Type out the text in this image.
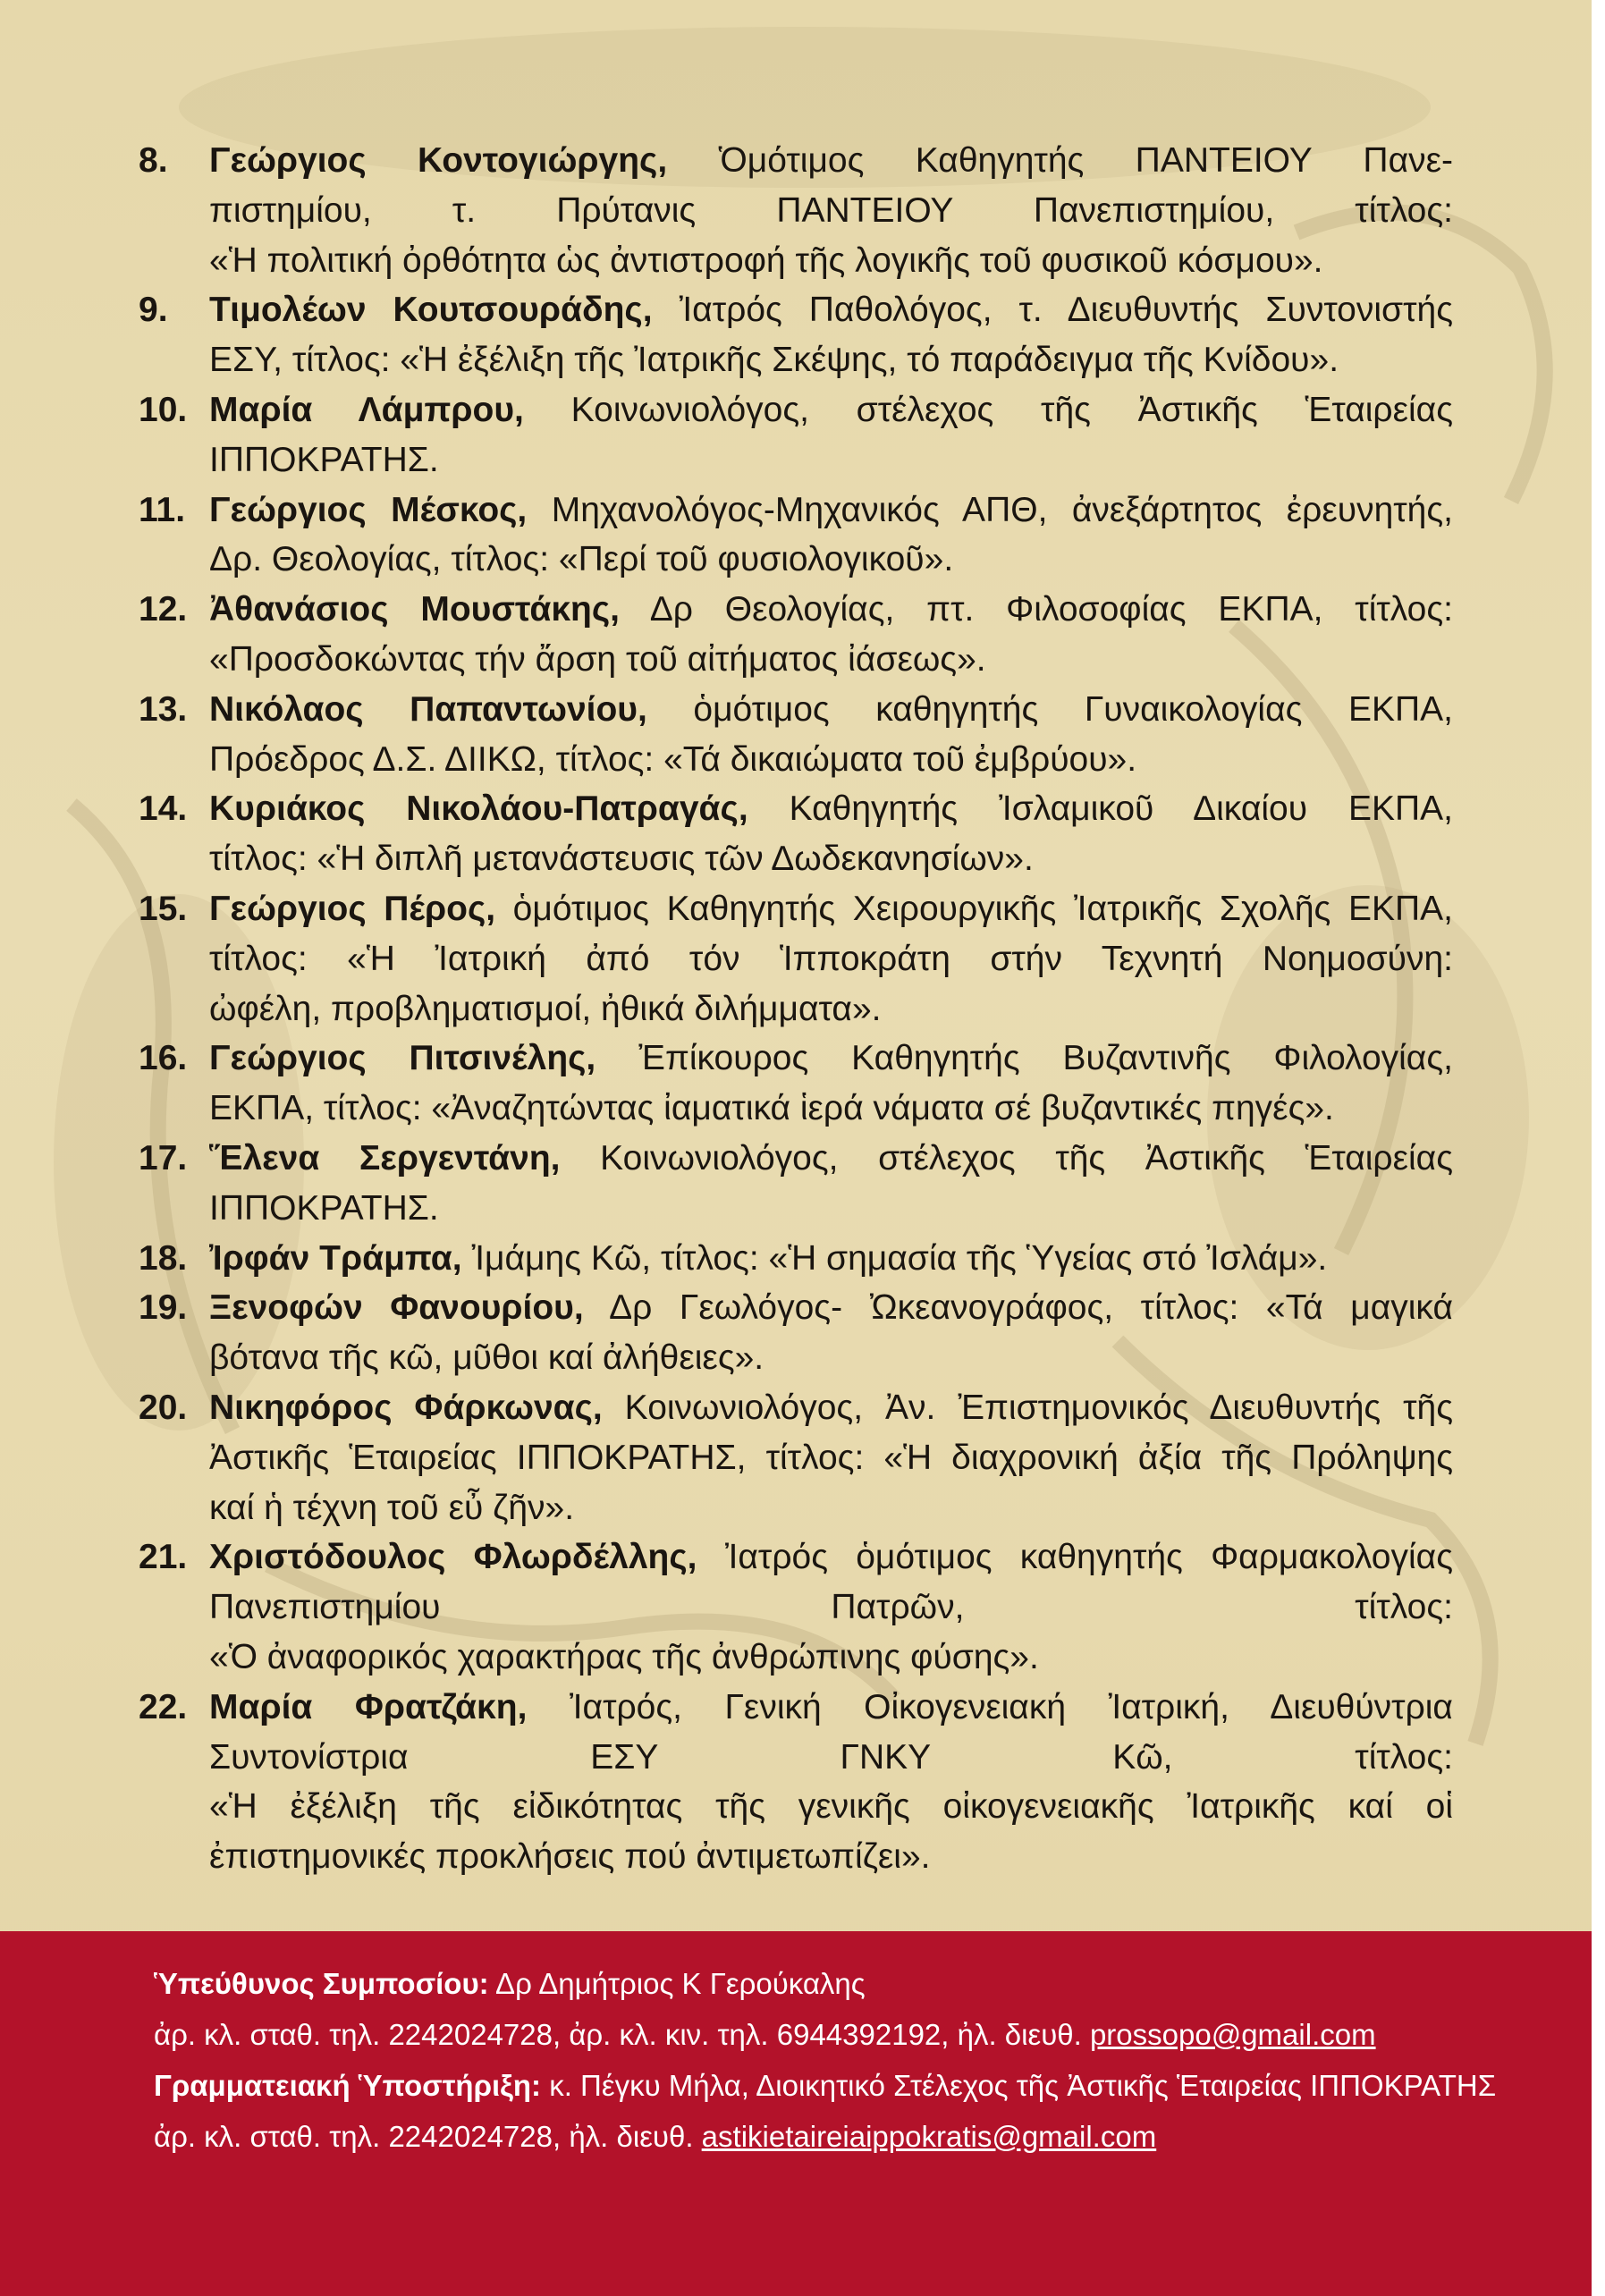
8.	Γεώργιος Κοντογιώργης, Ὁμότιμος Καθηγητής ΠΑΝΤΕΙΟΥ Πανε-
πιστημίου, τ. Πρύτανις ΠΑΝΤΕΙΟΥ Πανεπιστημίου, τίτλος:
«Ἡ πολιτική ὀρθότητα ὡς ἀντιστροφή τῆς λογικῆς τοῦ φυσικοῦ κόσμου».
9.	Τιμολέων Κουτσουράδης, Ἰατρός Παθολόγος, τ. Διευθυντής Συντονιστής
ΕΣΥ, τίτλος: «Ἡ ἐξέλιξη τῆς Ἰατρικῆς Σκέψης, τό παράδειγμα τῆς Κνίδου».
10. Μαρία Λάμπρου, Κοινωνιολόγος, στέλεχος τῆς Ἀστικῆς Ἑταιρείας
ΙΠΠΟΚΡΑΤΗΣ.
11. Γεώργιος Μέσκος, Μηχανολόγος-Μηχανικός ΑΠΘ, ἀνεξάρτητος ἐρευνητής,
Δρ. Θεολογίας, τίτλος: «Περί τοῦ φυσιολογικοῦ».
12. Ἀθανάσιος Μουστάκης, Δρ Θεολογίας, πτ. Φιλοσοφίας ΕΚΠΑ, τίτλος:
«Προσδοκώντας τήν ἄρση τοῦ αἰτήματος ἰάσεως».
13. Νικόλαος Παπαντωνίου, ὁμότιμος καθηγητής Γυναικολογίας ΕΚΠΑ,
Πρόεδρος Δ.Σ. ΔΙΙΚΩ, τίτλος: «Τά δικαιώματα τοῦ ἐμβρύου».
14. Κυριάκος Νικολάου-Πατραγάς, Καθηγητής Ἰσλαμικοῦ Δικαίου ΕΚΠΑ,
τίτλος: «Ἡ διπλῆ μετανάστευσις τῶν Δωδεκανησίων».
15. Γεώργιος Πέρος, ὁμότιμος Καθηγητής Χειρουργικῆς Ἰατρικῆς Σχολῆς ΕΚΠΑ,
τίτλος: «Ἡ Ἰατρική ἀπό τόν Ἱπποκράτη στήν Τεχνητή Νοημοσύνη:
ὠφέλη, προβληματισμοί, ἠθικά διλήμματα».
16. Γεώργιος Πιτσινέλης, Ἐπίκουρος Καθηγητής Βυζαντινῆς Φιλολογίας,
ΕΚΠΑ, τίτλος: «Ἀναζητώντας ἰαματικά ἱερά νάματα σέ βυζαντικές πηγές».
17. Ἕλενα Σεργεντάνη, Κοινωνιολόγος, στέλεχος τῆς Ἀστικῆς Ἑταιρείας
ΙΠΠΟΚΡΑΤΗΣ.
18. Ἰρφάν Τράμπα, Ἰμάμης Κῶ, τίτλος: «Ἡ σημασία τῆς Ὑγείας στό Ἰσλάμ».
19. Ξενοφών Φανουρίου, Δρ Γεωλόγος- Ὠκεανογράφος, τίτλος: «Τά μαγικά
βότανα τῆς κῶ, μῦθοι καί ἀλήθειες».
20. Νικηφόρος Φάρκωνας, Κοινωνιολόγος, Ἀν. Ἐπιστημονικός Διευθυντής τῆς
Ἀστικῆς Ἑταιρείας ΙΠΠΟΚΡΑΤΗΣ, τίτλος: «Ἡ διαχρονική ἀξία τῆς Πρόληψης
καί ἡ τέχνη τοῦ εὖ ζῆν».
21. Χριστόδουλος Φλωρδέλλης, Ἰατρός ὁμότιμος καθηγητής Φαρμακολογίας
Πανεπιστημίου Πατρῶν, τίτλος:
«Ὁ ἀναφορικός χαρακτήρας τῆς ἀνθρώπινης φύσης».
22. Μαρία Φρατζάκη, Ἰατρός, Γενική Οἰκογενειακή Ἰατρική, Διευθύντρια
Συντονίστρια ΕΣΥ ΓΝΚΥ Κῶ, τίτλος:
«Ἡ ἐξέλιξη τῆς εἰδικότητας τῆς γενικῆς οἰκογενειακῆς Ἰατρικῆς καί οἱ
ἐπιστημονικές προκλήσεις πού ἀντιμετωπίζει».
Ὑπεύθυνος Συμποσίου: Δρ Δημήτριος Κ Γερούκαλης
ἀρ. κλ. σταθ. τηλ. 2242024728, ἀρ. κλ. κιν. τηλ. 6944392192, ἠλ. διευθ. prossopo@gmail.com
Γραμματειακή Ὑποστήριξη: κ. Πέγκυ Μήλα, Διοικητικό Στέλεχος τῆς Ἀστικῆς Ἑταιρείας ΙΠΠΟΚΡΑΤΗΣ
ἀρ. κλ. σταθ. τηλ. 2242024728, ἠλ. διευθ. astikietaireiaippokratis@gmail.com
